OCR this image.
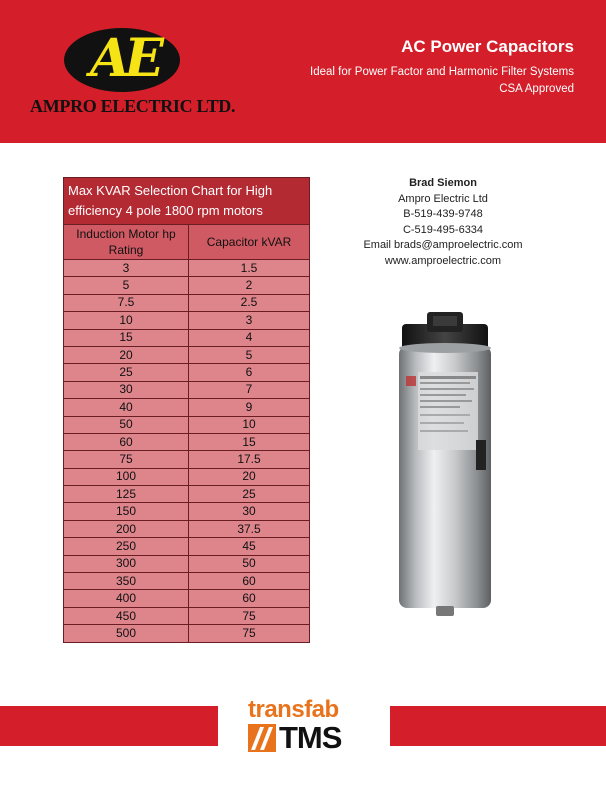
AE
AMPRO ELECTRIC LTD.
AC Power Capacitors
Ideal for Power Factor and Harmonic Filter Systems
CSA Approved
Max KVAR Selection Chart for High efficiency 4 pole 1800 rpm motors	
Induction Motor hp Rating	Capacitor kVAR
3	1.5
5	2
7.5	2.5
10	3
15	4
20	5
25	6
30	7
40	9
50	10
60	15
75	17.5
100	20
125	25
150	30
200	37.5
250	45
300	50
350	60
400	60
450	75
500	75
Brad Siemon
Ampro Electric Ltd
B-519-439-9748
C-519-495-6334
Email brads@amproelectric.com
www.amproelectric.com
transfab
TMS
